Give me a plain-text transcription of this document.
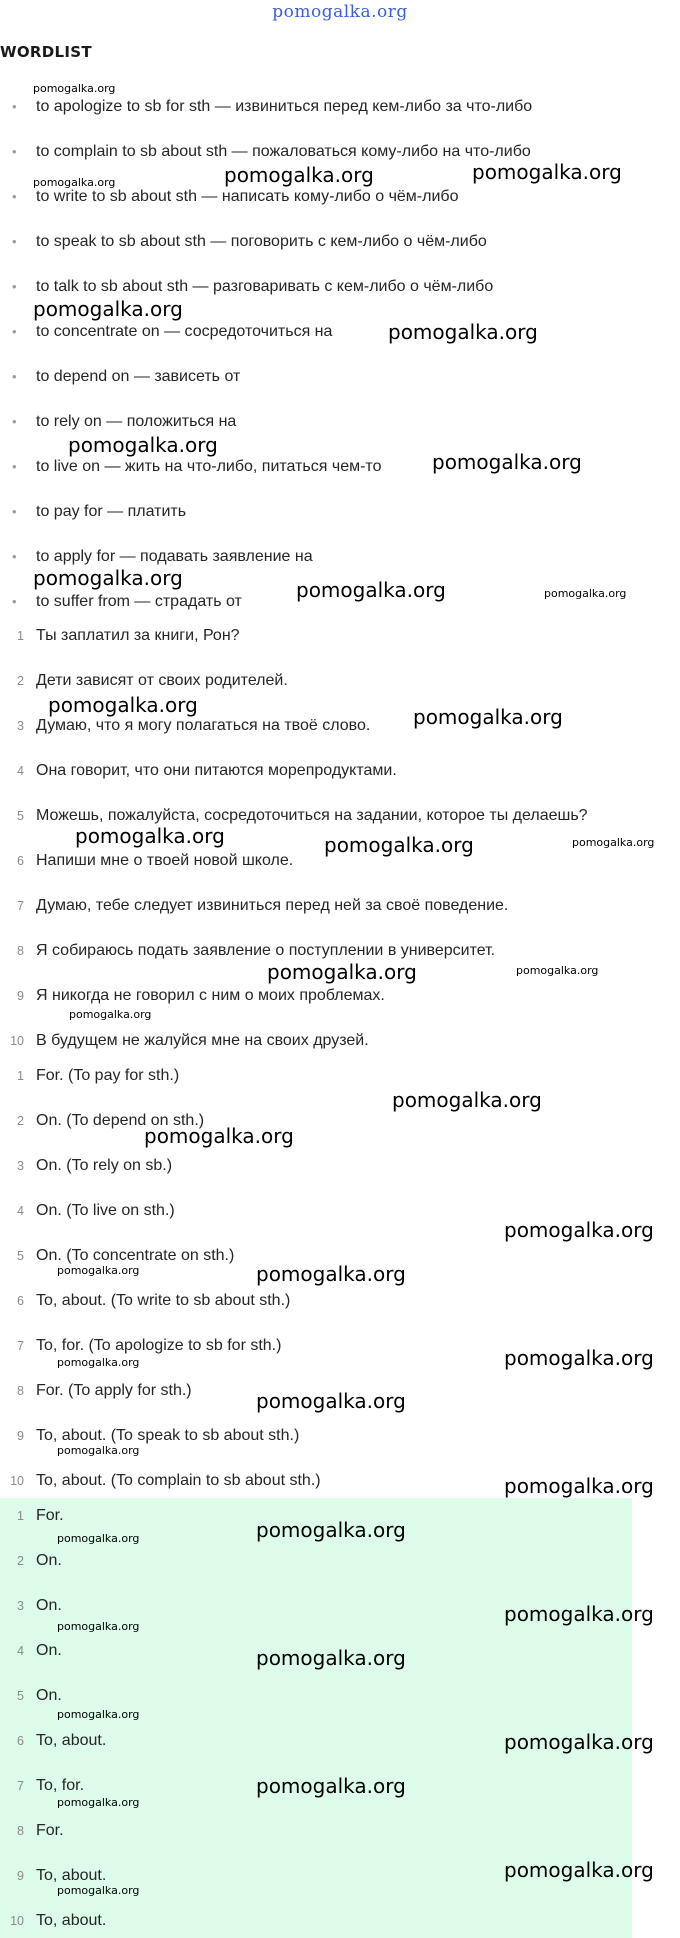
pomogalka.org
WORDLIST
• to apologize to sb for sth — извиниться перед кем-либо за что-либо
• to complain to sb about sth — пожаловаться кому-либо на что-либо
• to write to sb about sth — написать кому-либо о чём-либо
• to speak to sb about sth — поговорить с кем-либо о чём-либо
• to talk to sb about sth — разговаривать с кем-либо о чём-либо
• to concentrate on — сосредоточиться на
• to depend on — зависеть от
• to rely on — положиться на
• to live on — жить на что-либо, питаться чем-то
• to pay for — платить
• to apply for — подавать заявление на
• to suffer from — страдать от
1 Ты заплатил за книги, Рон?
2 Дети зависят от своих родителей.
3 Думаю, что я могу полагаться на твоё слово.
4 Она говорит, что они питаются морепродуктами.
5 Можешь, пожалуйста, сосредоточиться на задании, которое ты делаешь?
6 Напиши мне о твоей новой школе.
7 Думаю, тебе следует извиниться перед ней за своё поведение.
8 Я собираюсь подать заявление о поступлении в университет.
9 Я никогда не говорил с ним о моих проблемах.
10 В будущем не жалуйся мне на своих друзей.
1 For. (To pay for sth.)
2 On. (To depend on sth.)
3 On. (To rely on sb.)
4 On. (To live on sth.)
5 On. (To concentrate on sth.)
6 To, about. (To write to sb about sth.)
7 To, for. (To apologize to sb for sth.)
8 For. (To apply for sth.)
9 To, about. (To speak to sb about sth.)
10 To, about. (To complain to sb about sth.)
1 For.
2 On.
3 On.
4 On.
5 On.
6 To, about.
7 To, for.
8 For.
9 To, about.
10 To, about.
pomogalka.org
pomogalka.org	pomogalka.org
pomogalka.org
pomogalka.org
pomogalka.org
pomogalka.org
pomogalka.org
pomogalka.org	pomogalka.org	pomogalka.org
pomogalka.org	pomogalka.org
pomogalka.org	pomogalka.org	pomogalka.org
pomogalka.org	pomogalka.org
pomogalka.org
pomogalka.org
pomogalka.org
pomogalka.org
pomogalka.org	pomogalka.org
pomogalka.org
pomogalka.org
pomogalka.org
pomogalka.org
pomogalka.org
pomogalka.org
pomogalka.org
pomogalka.org
pomogalka.org
pomogalka.org
pomogalka.org
pomogalka.org
pomogalka.org
pomogalka.org
pomogalka.org
pomogalka.org
